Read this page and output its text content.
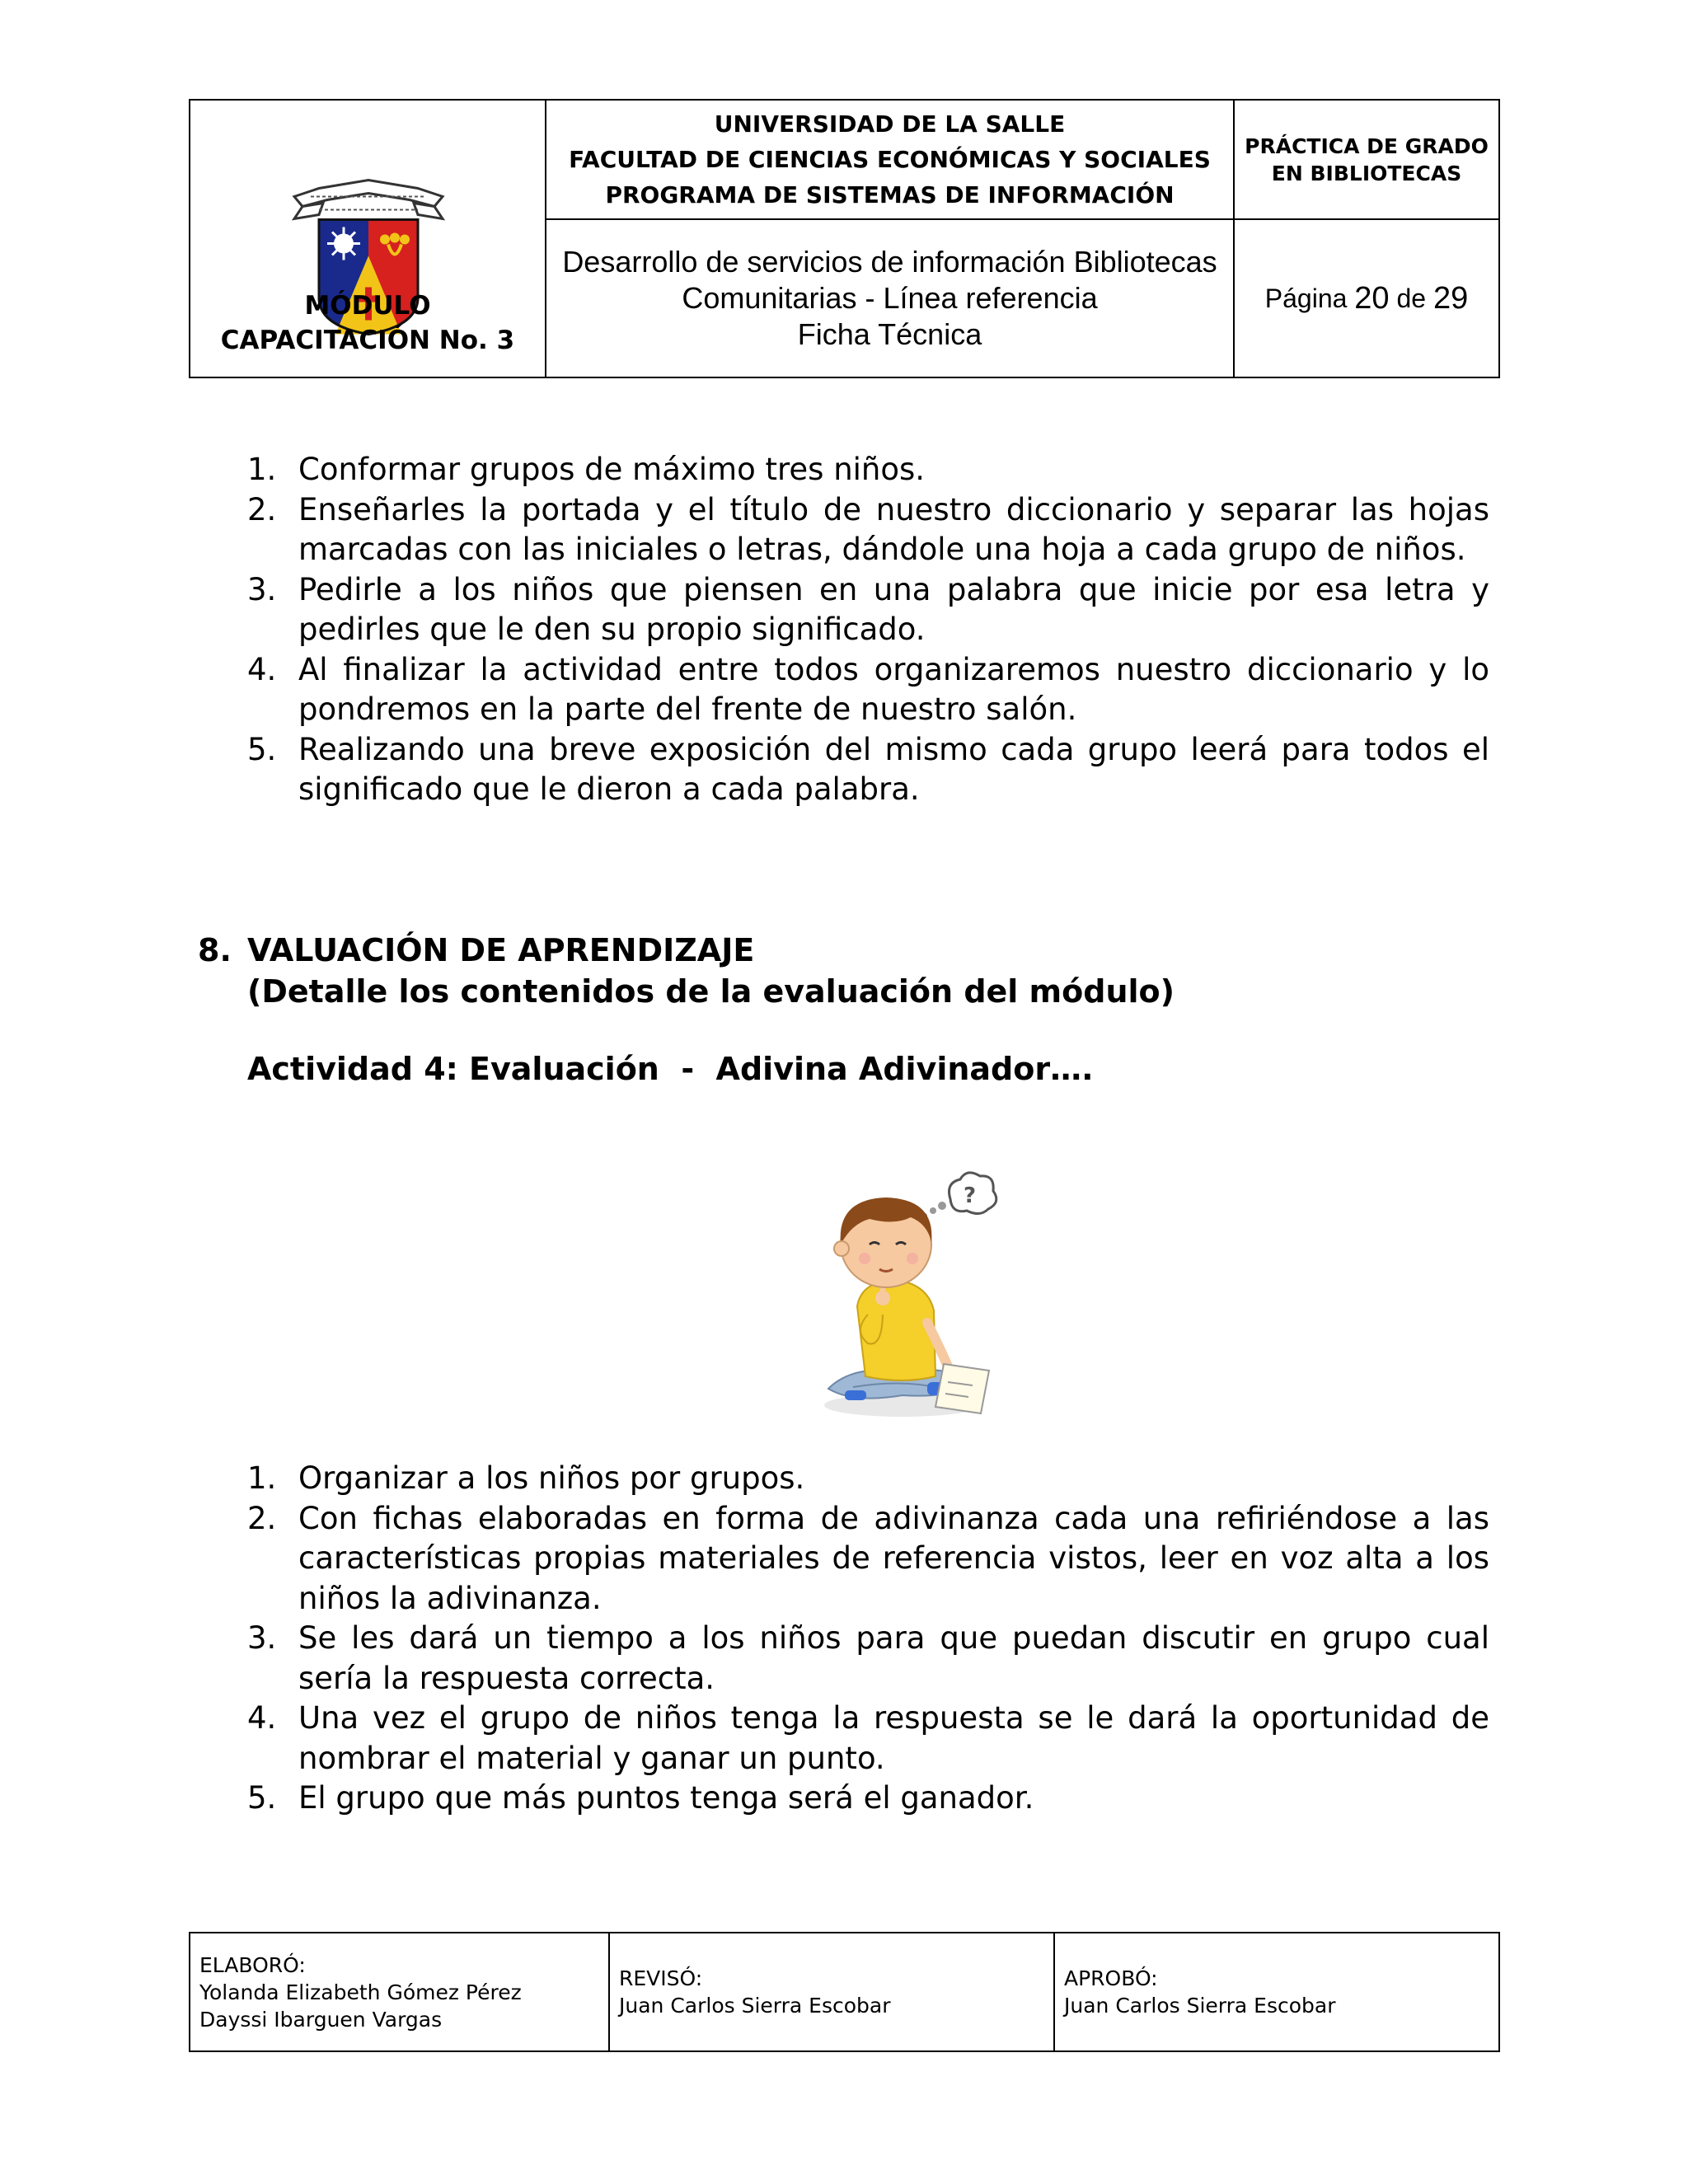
MÓDULO
CAPACITACIÓN No. 3
UNIVERSIDAD DE LA SALLE
FACULTAD DE CIENCIAS ECONÓMICAS Y SOCIALES
PROGRAMA DE SISTEMAS DE INFORMACIÓN
Desarrollo de servicios de información Bibliotecas
Comunitarias - Línea referencia
Ficha Técnica
PRÁCTICA DE GRADO
EN BIBLIOTECAS
Página
20
de
29
1. Conformar grupos de máximo tres niños.
2. Enseñarles la portada y el título de nuestro diccionario y separar las hojas marcadas con las iniciales o letras, dándole una hoja a cada grupo de niños.
3. Pedirle a los niños que piensen en una palabra que inicie por esa letra y pedirles que le den su propio significado.
4. Al finalizar la actividad entre todos organizaremos nuestro diccionario y lo pondremos en la parte del frente de nuestro salón.
5. Realizando una breve exposición del mismo cada grupo leerá para todos el significado que le dieron a cada palabra.
8. VALUACIÓN DE APRENDIZAJE
(Detalle los contenidos de la evaluación del módulo)
Actividad 4: Evaluación  -  Adivina Adivinador….
?
1. Organizar a los niños por grupos.
2. Con fichas elaboradas en forma de adivinanza cada una refiriéndose a las características propias materiales de referencia vistos, leer en voz alta a los niños la adivinanza.
3. Se les dará un tiempo a los niños para que puedan discutir en grupo cual sería la respuesta correcta.
4. Una vez el grupo de niños tenga la respuesta se le dará la oportunidad de nombrar el material y ganar un punto.
5. El grupo que más puntos tenga será el ganador.
ELABORÓ:
Yolanda Elizabeth Gómez Pérez
Dayssi Ibarguen Vargas
REVISÓ:
Juan Carlos Sierra Escobar
APROBÓ:
Juan Carlos Sierra Escobar
